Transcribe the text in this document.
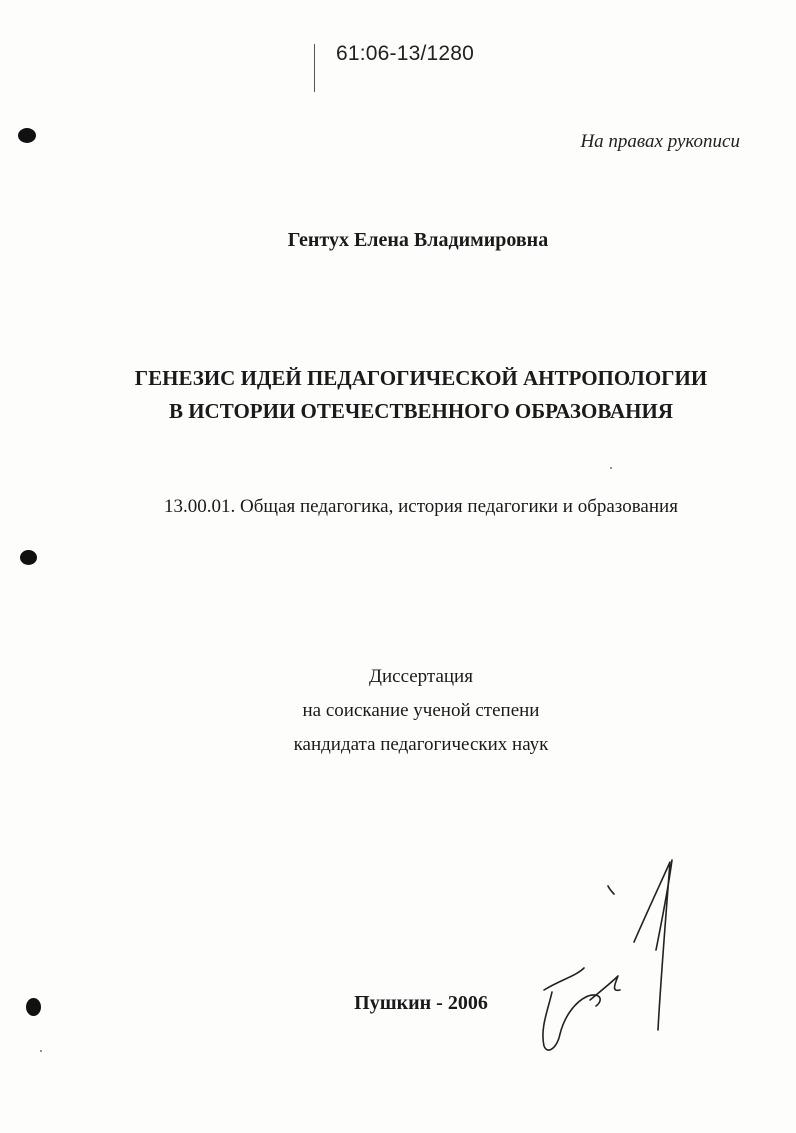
61:06-13/1280
На правах рукописи
Гентух Елена Владимировна
ГЕНЕЗИС ИДЕЙ ПЕДАГОГИЧЕСКОЙ АНТРОПОЛОГИИ
В ИСТОРИИ ОТЕЧЕСТВЕННОГО ОБРАЗОВАНИЯ
13.00.01. Общая педагогика, история педагогики и образования
Диссертация
на соискание ученой степени
кандидата педагогических наук
Пушкин - 2006
